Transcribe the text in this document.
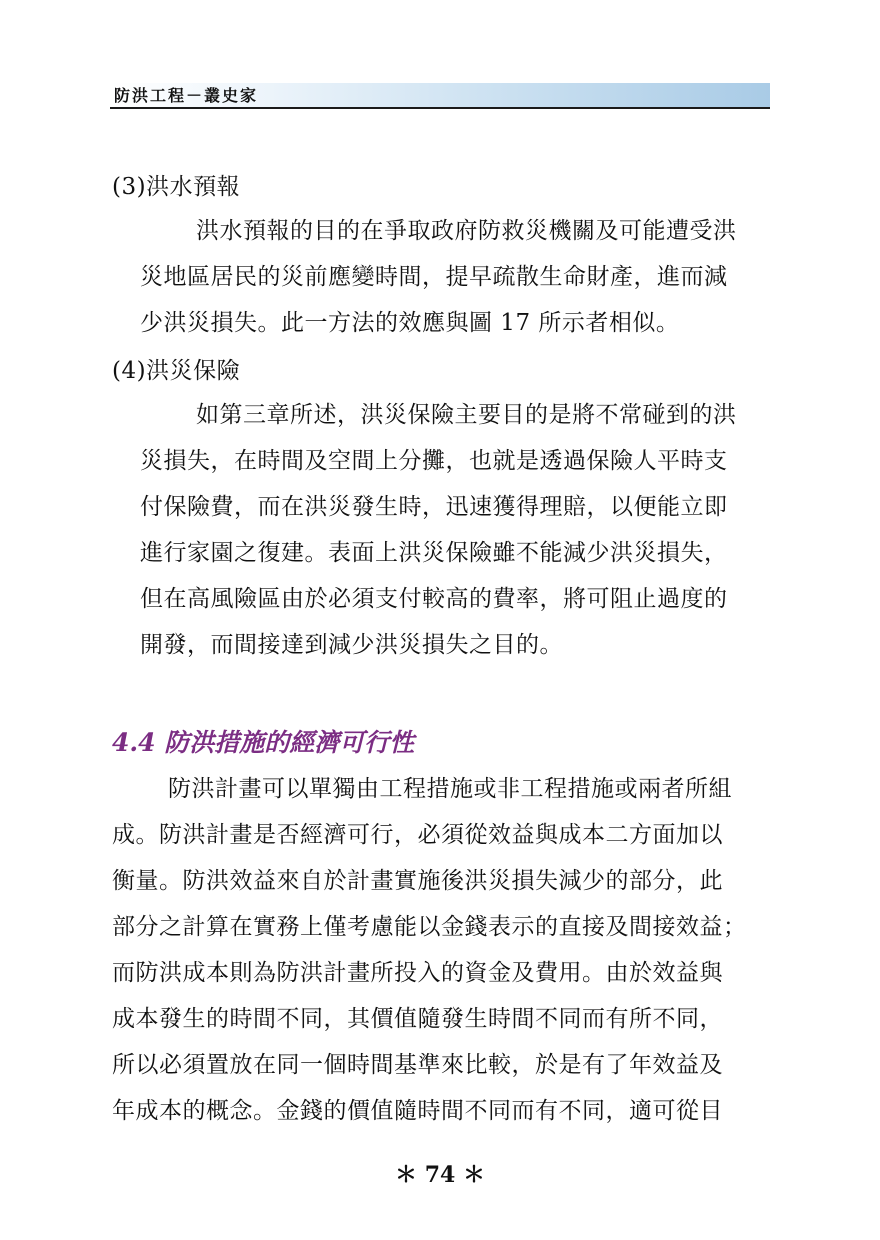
防洪工程－叢史家
(3)洪水預報
洪水預報的目的在爭取政府防救災機關及可能遭受洪
災地區居民的災前應變時間，提早疏散生命財產，進而減
少洪災損失。此一方法的效應與圖 17 所示者相似。
(4)洪災保險
如第三章所述，洪災保險主要目的是將不常碰到的洪
災損失，在時間及空間上分攤，也就是透過保險人平時支
付保險費，而在洪災發生時，迅速獲得理賠，以便能立即
進行家園之復建。表面上洪災保險雖不能減少洪災損失，
但在高風險區由於必須支付較高的費率，將可阻止過度的
開發，而間接達到減少洪災損失之目的。
4.4 防洪措施的經濟可行性
防洪計畫可以單獨由工程措施或非工程措施或兩者所組
成。防洪計畫是否經濟可行，必須從效益與成本二方面加以
衡量。防洪效益來自於計畫實施後洪災損失減少的部分，此
部分之計算在實務上僅考慮能以金錢表示的直接及間接效益；
而防洪成本則為防洪計畫所投入的資金及費用。由於效益與
成本發生的時間不同，其價值隨發生時間不同而有所不同，
所以必須置放在同一個時間基準來比較，於是有了年效益及
年成本的概念。金錢的價值隨時間不同而有不同，適可從目
＊ 74 ＊
